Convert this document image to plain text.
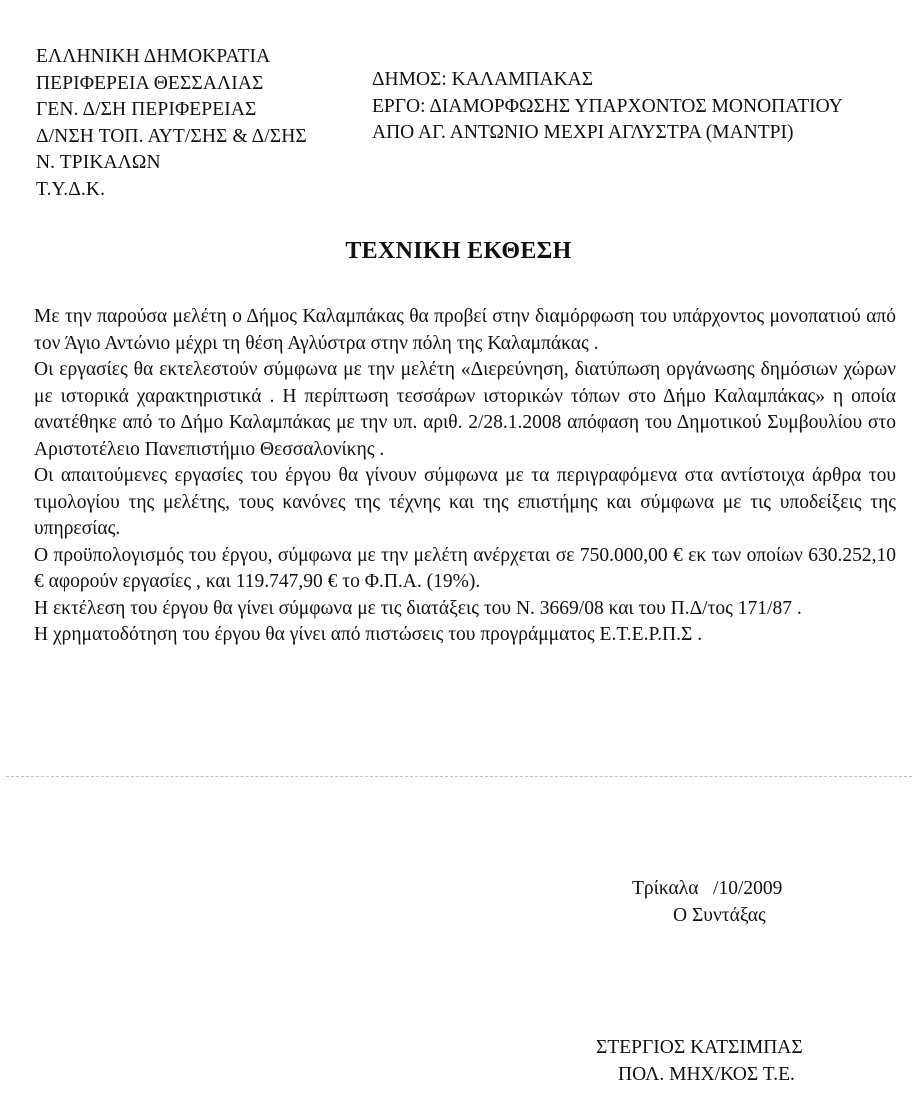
ΕΛΛΗΝΙΚΗ ΔΗΜΟΚΡΑΤΙΑ
ΠΕΡΙΦΕΡΕΙΑ ΘΕΣΣΑΛΙΑΣ
ΓΕΝ. Δ/ΣΗ ΠΕΡΙΦΕΡΕΙΑΣ
Δ/ΝΣΗ ΤΟΠ. ΑΥΤ/ΣΗΣ & Δ/ΣΗΣ
Ν. ΤΡΙΚΑΛΩΝ
Τ.Υ.Δ.Κ.
ΔΗΜΟΣ: ΚΑΛΑΜΠΑΚΑΣ
ΕΡΓΟ: ΔΙΑΜΟΡΦΩΣΗΣ ΥΠΑΡΧΟΝΤΟΣ ΜΟΝΟΠΑΤΙΟΥ
ΑΠΟ ΑΓ. ΑΝΤΩΝΙΟ ΜΕΧΡΙ ΑΓΛΥΣΤΡΑ (ΜΑΝΤΡΙ)
ΤΕΧΝΙΚΗ ΕΚΘΕΣΗ

Με την παρούσα μελέτη ο Δήμος Καλαμπάκας θα προβεί στην διαμόρφωση του υπάρχοντος μονοπατιού από τον Άγιο Αντώνιο μέχρι τη θέση Αγλύστρα στην πόλη της Καλαμπάκας .

Οι εργασίες θα εκτελεστούν σύμφωνα με την μελέτη «Διερεύνηση, διατύπωση οργάνωσης δημόσιων χώρων με ιστορικά χαρακτηριστικά . Η περίπτωση τεσσάρων ιστορικών τόπων στο Δήμο Καλαμπάκας» η οποία ανατέθηκε από το Δήμο Καλαμπάκας με την υπ. αριθ. 2/28.1.2008 απόφαση του Δημοτικού Συμβουλίου στο Αριστοτέλειο Πανεπιστήμιο Θεσσαλονίκης .

Οι απαιτούμενες εργασίες του έργου θα γίνουν σύμφωνα με τα περιγραφόμενα στα αντίστοιχα άρθρα του τιμολογίου της μελέτης, τους κανόνες της τέχνης και της επιστήμης και σύμφωνα με τις υποδείξεις της υπηρεσίας.

Ο προϋπολογισμός του έργου, σύμφωνα με την μελέτη ανέρχεται σε 750.000,00 € εκ των οποίων 630.252,10 € αφορούν εργασίες , και 119.747,90 € το Φ.Π.Α. (19%).

Η εκτέλεση του έργου θα γίνει σύμφωνα με τις διατάξεις του Ν. 3669/08 και του Π.Δ/τος 171/87 .

Η χρηματοδότηση του έργου θα γίνει από πιστώσεις του προγράμματος Ε.Τ.Ε.Ρ.Π.Σ .

Τρίκαλα   /10/2009
Ο Συντάξας
ΣΤΕΡΓΙΟΣ ΚΑΤΣΙΜΠΑΣ
ΠΟΛ. ΜΗΧ/ΚΟΣ Τ.Ε.
